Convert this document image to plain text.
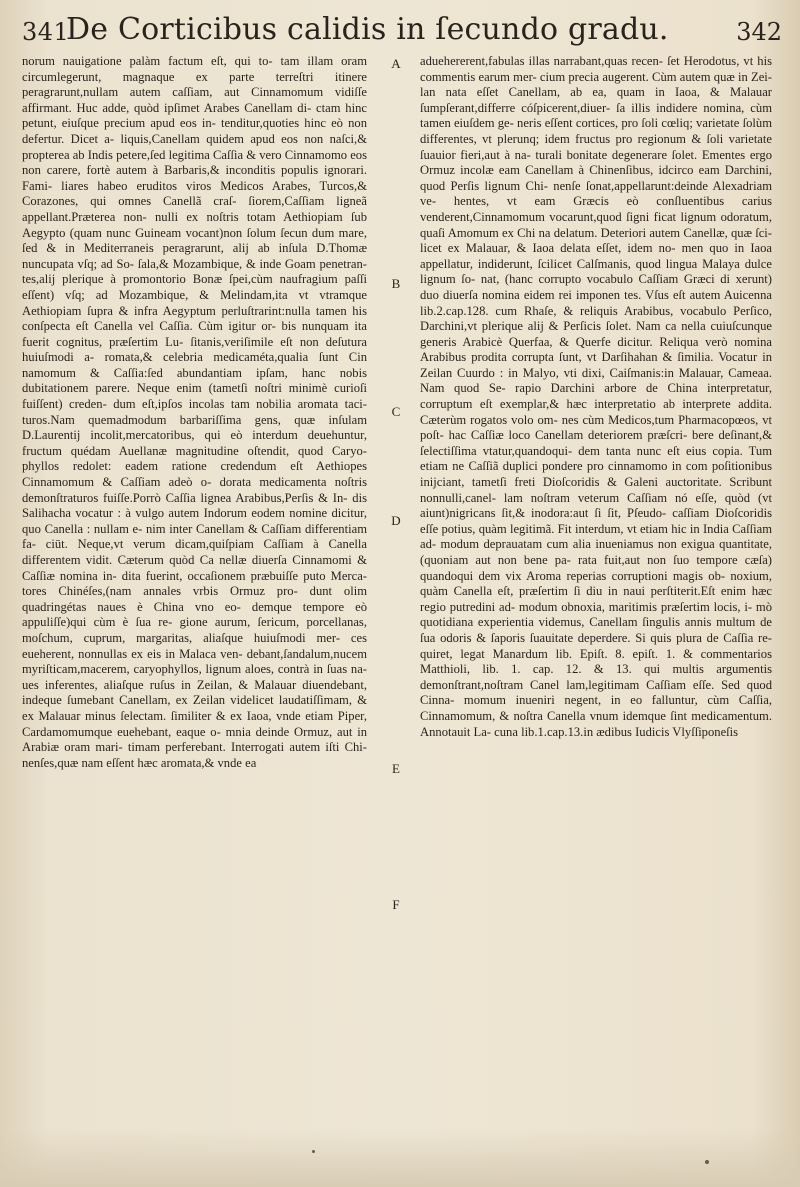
341
De Corticibus calidis in ſecundo gradu.	342

norum nauigatione palàm factum eſt, qui to- tam illam oram circumlegerunt, magnaque ex parte terreſtri itinere peragrarunt,nullam autem caſſiam, aut Cinnamomum vidiſſe affirmant. Huc adde, quòd ipſimet Arabes Canellam di- ctam hinc petunt, eiuſque precium apud eos in- tenditur,quoties hinc eò non defertur. Dicet a- liquis,Canellam quidem apud eos non naſci,& propterea ab Indis petere,ſed legitima Caſſia & vero Cinnamomo eos non carere, fortè autem à Barbaris,& inconditis populis ignorari. Fami- liares habeo eruditos viros Medicos Arabes, Turcos,& Corazones, qui omnes Canellã craſ- ſiorem,Caſſiam ligneã appellant.Præterea non- nulli ex noſtris totam Aethiopiam ſub Aegypto (quam nunc Guineam vocant)non ſolum ſecun dum mare, ſed & in Mediterraneis peragrarunt, alij ab inſula D.Thomæ nuncupata vſq; ad So- ſala,& Mozambique, & inde Goam penetran- tes,alij plerique à promontorio Bonæ ſpei,cùm naufragium paſſi eſſent) vſq; ad Mozambique, & Melindam,ita vt vtramque Aethiopiam ſupra & infra Aegyptum perluſtrarint:nulla tamen his conſpecta eſt Canella vel Caſſia. Cùm igitur or- bis nunquam ita fuerit cognitus, præſertim Lu- ſitanis,veriſimile eſt non deſutura huiuſmodi a- romata,& celebria medicaméta,qualia ſunt Cin namomum & Caſſia:ſed abundantiam ipſam, hanc nobis dubitationem parere. Neque enim (tametſi noſtri minimè curioſi fuiſſent) creden- dum eſt,ipſos incolas tam nobilia aromata taci- turos.Nam quemadmodum barbariſſima gens, quæ inſulam D.Laurentij incolit,mercatoribus, qui eò interdum deuehuntur, fructum quédam Auellanæ magnitudine oſtendit, quod Caryo- phyllos redolet: eadem ratione credendum eſt Aethiopes Cinnamomum & Caſſiam adeò o- dorata medicamenta noſtris demonſtraturos fuiſſe.Porrò Caſſia lignea Arabibus,Perſis & In- dis Salihacha vocatur : à vulgo autem Indorum eodem nomine dicitur, quo Canella : nullam e- nim inter Canellam & Caſſiam differentiam fa- ciūt. Neque,vt verum dicam,quiſpiam Caſſiam à Canella differentem vidit. Cæterum quòd Ca nellæ diuerſa Cinnamomi & Caſſiæ nomina in- dita fuerint, occaſionem præbuiſſe puto Merca- tores Chinéſes,(nam annales vrbis Ormuz pro- dunt olim quadringétas naues è China vno eo- demque tempore eò appuliſſe)qui cùm è ſua re- gione aurum, ſericum, porcellanas, moſchum, cuprum, margaritas, aliaſque huiuſmodi mer- ces eueherent, nonnullas ex eis in Malaca ven- debant,ſandalum,nucem myriſticam,macerem, caryophyllos, lignum aloes, contrà in ſuas na- ues inferentes, aliaſque ruſus in Zeilan, & Malauar diuendebant, indeque ſumebant Canellam, ex Zeilan videlicet laudatiſſimam, & ex Malauar minus ſelectam. ſimiliter & ex Iaoa, vnde etiam Piper, Cardamomumque euehebant, eaque o- mnia deinde Ormuz, aut in Arabiæ oram mari- timam perferebant. Interrogati autem iſti Chi- nenſes,quæ nam eſſent hæc aromata,& vnde ea

A
B
C
D
E
F

aduehererent,fabulas illas narrabant,quas recen- ſet Herodotus, vt his commentis earum mer- cium precia augerent. Cùm autem quæ in Zei- lan nata eſſet Canellam, ab ea, quam in Iaoa, & Malauar ſumpſerant,differre cóſpicerent,diuer- ſa illis indidere nomina, cùm tamen eiuſdem ge- neris eſſent cortices, pro ſoli cœliq; varietate ſolùm differentes, vt plerunq; idem fructus pro regionum & ſoli varietate ſuauior fieri,aut à na- turali bonitate degenerare ſolet. Ementes ergo Ormuz incolæ eam Canellam à Chinenſibus, idcirco eam Darchini, quod Perſis lignum Chi- nenſe ſonat,appellarunt:deinde Alexadriam ve- hentes, vt eam Græcis eò conſluentibus carius venderent,Cinnamomum vocarunt,quod ſigni ficat lignum odoratum, quaſi Amomum ex Chi na delatum. Deteriori autem Canellæ, quæ ſci- licet ex Malauar, & Iaoa delata eſſet, idem no- men quo in Iaoa appellatur, indiderunt, ſcilicet Calſmanis, quod lingua Malaya dulce lignum ſo- nat, (hanc corrupto vocabulo Caſſiam Græci di xerunt) duo diuerſa nomina eidem rei imponen tes. Vſus eſt autem Auicenna lib.2.cap.128. cum Rhaſe, & reliquis Arabibus, vocabulo Perſico, Darchini,vt plerique alij & Perſicis ſolet. Nam ca nella cuiuſcunque generis Arabicè Querfaa, & Querfe dicitur. Reliqua verò nomina Arabibus prodita corrupta ſunt, vt Darſihahan & ſimilia. Vocatur in Zeilan Cuurdo : in Malyo, vti dixi, Caiſmanis:in Malauar, Cameaa. Nam quod Se- rapio Darchini arbore de China interpretatur, corruptum eſt exemplar,& hæc interpretatio ab interprete addita. Cæterùm rogatos volo om- nes cùm Medicos,tum Pharmacopœos, vt poſt- hac Caſſiæ loco Canellam deteriorem præſcri- bere deſinant,& ſelectiſſima vtatur,quandoqui- dem tanta nunc eſt eius copia. Tum etiam ne Caſſiã duplici pondere pro cinnamomo in com poſitionibus inijciant, tametſi freti Dioſcoridis & Galeni auctoritate. Scribunt nonnulli,canel- lam noſtram veterum Caſſiam nó eſſe, quòd (vt aiunt)nigricans ſit,& inodora:aut ſi ſit, Pſeudo- caſſiam Dioſcoridis eſſe potius, quàm legitimã. Fit interdum, vt etiam hic in India Caſſiam ad- modum deprauatam cum alia inueniamus non exigua quantitate, (quoniam aut non bene pa- rata fuit,aut non ſuo tempore cæſa) quandoqui dem vix Aroma reperias corruptioni magis ob- noxium, quàm Canella eſt, præſertim ſi diu in naui perſtiterit.Eſt enim hæc regio putredini ad- modum obnoxia, maritimis præſertim locis, i- mò quotidiana experientia videmus, Canellam ſingulis annis multum de ſua odoris & ſaporis ſuauitate deperdere. Si quis plura de Caſſia re- quiret, legat Manardum lib. Epiſt. 8. epiſt. 1. & commentarios Matthioli, lib. 1. cap. 12. & 13. qui multis argumentis demonſtrant,noſtram Canel lam,legitimam Caſſiam eſſe. Sed quod Cinna- momum inueniri negent, in eo falluntur, cùm Caſſia, Cinnamomum, & noſtra Canella vnum idemque ſint medicamentum. Annotauit La- cuna lib.1.cap.13.in ædibus Iudicis Vlyſſiponeſis
